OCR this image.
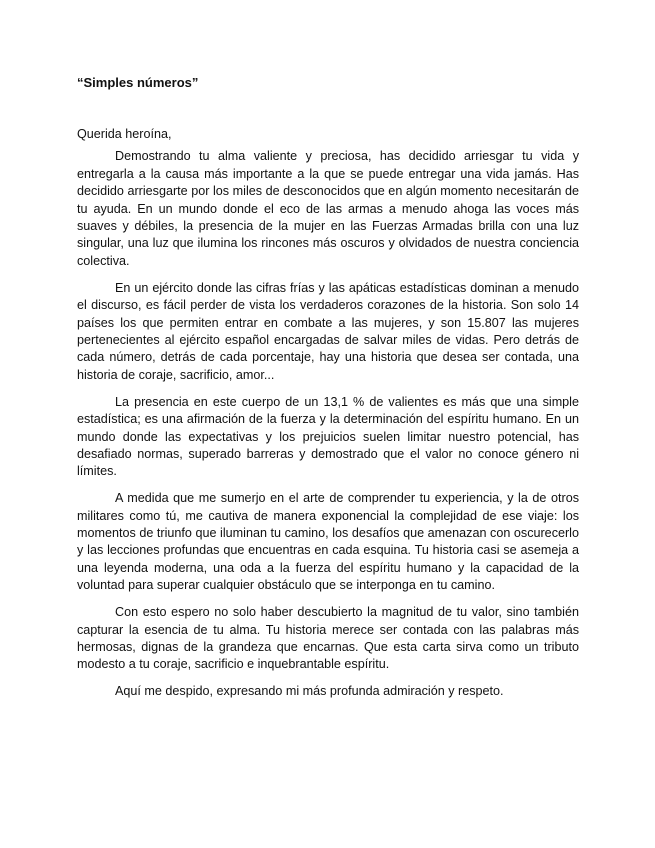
“Simples números”

Querida heroína,

Demostrando tu alma valiente y preciosa, has decidido arriesgar tu vida y entregarla a la causa más importante a la que se puede entregar una vida jamás. Has decidido arriesgarte por los miles de desconocidos que en algún momento necesitarán de tu ayuda. En un mundo donde el eco de las armas a menudo ahoga las voces más suaves y débiles, la presencia de la mujer en las Fuerzas Armadas brilla con una luz singular, una luz que ilumina los rincones más oscuros y olvidados de nuestra conciencia colectiva.

En un ejército donde las cifras frías y las apáticas estadísticas dominan a menudo el discurso, es fácil perder de vista los verdaderos corazones de la historia. Son solo 14 países los que permiten entrar en combate a las mujeres, y son 15.807 las mujeres pertenecientes al ejército español encargadas de salvar miles de vidas. Pero detrás de cada número, detrás de cada porcentaje, hay una historia que desea ser contada, una historia de coraje, sacrificio, amor...

La presencia en este cuerpo de un 13,1 % de valientes es más que una simple estadística; es una afirmación de la fuerza y la determinación del espíritu humano. En un mundo donde las expectativas y los prejuicios suelen limitar nuestro potencial, has desafiado normas, superado barreras y demostrado que el valor no conoce género ni límites.

A medida que me sumerjo en el arte de comprender tu experiencia, y la de otros militares como tú, me cautiva de manera exponencial la complejidad de ese viaje: los momentos de triunfo que iluminan tu camino, los desafíos que amenazan con oscurecerlo y las lecciones profundas que encuentras en cada esquina. Tu historia casi se asemeja a una leyenda moderna, una oda a la fuerza del espíritu humano y la capacidad de la voluntad para superar cualquier obstáculo que se interponga en tu camino.

Con esto espero no solo haber descubierto la magnitud de tu valor, sino también capturar la esencia de tu alma. Tu historia merece ser contada con las palabras más hermosas, dignas de la grandeza que encarnas. Que esta carta sirva como un tributo modesto a tu coraje, sacrificio e inquebrantable espíritu.

Aquí me despido, expresando mi más profunda admiración y respeto.
